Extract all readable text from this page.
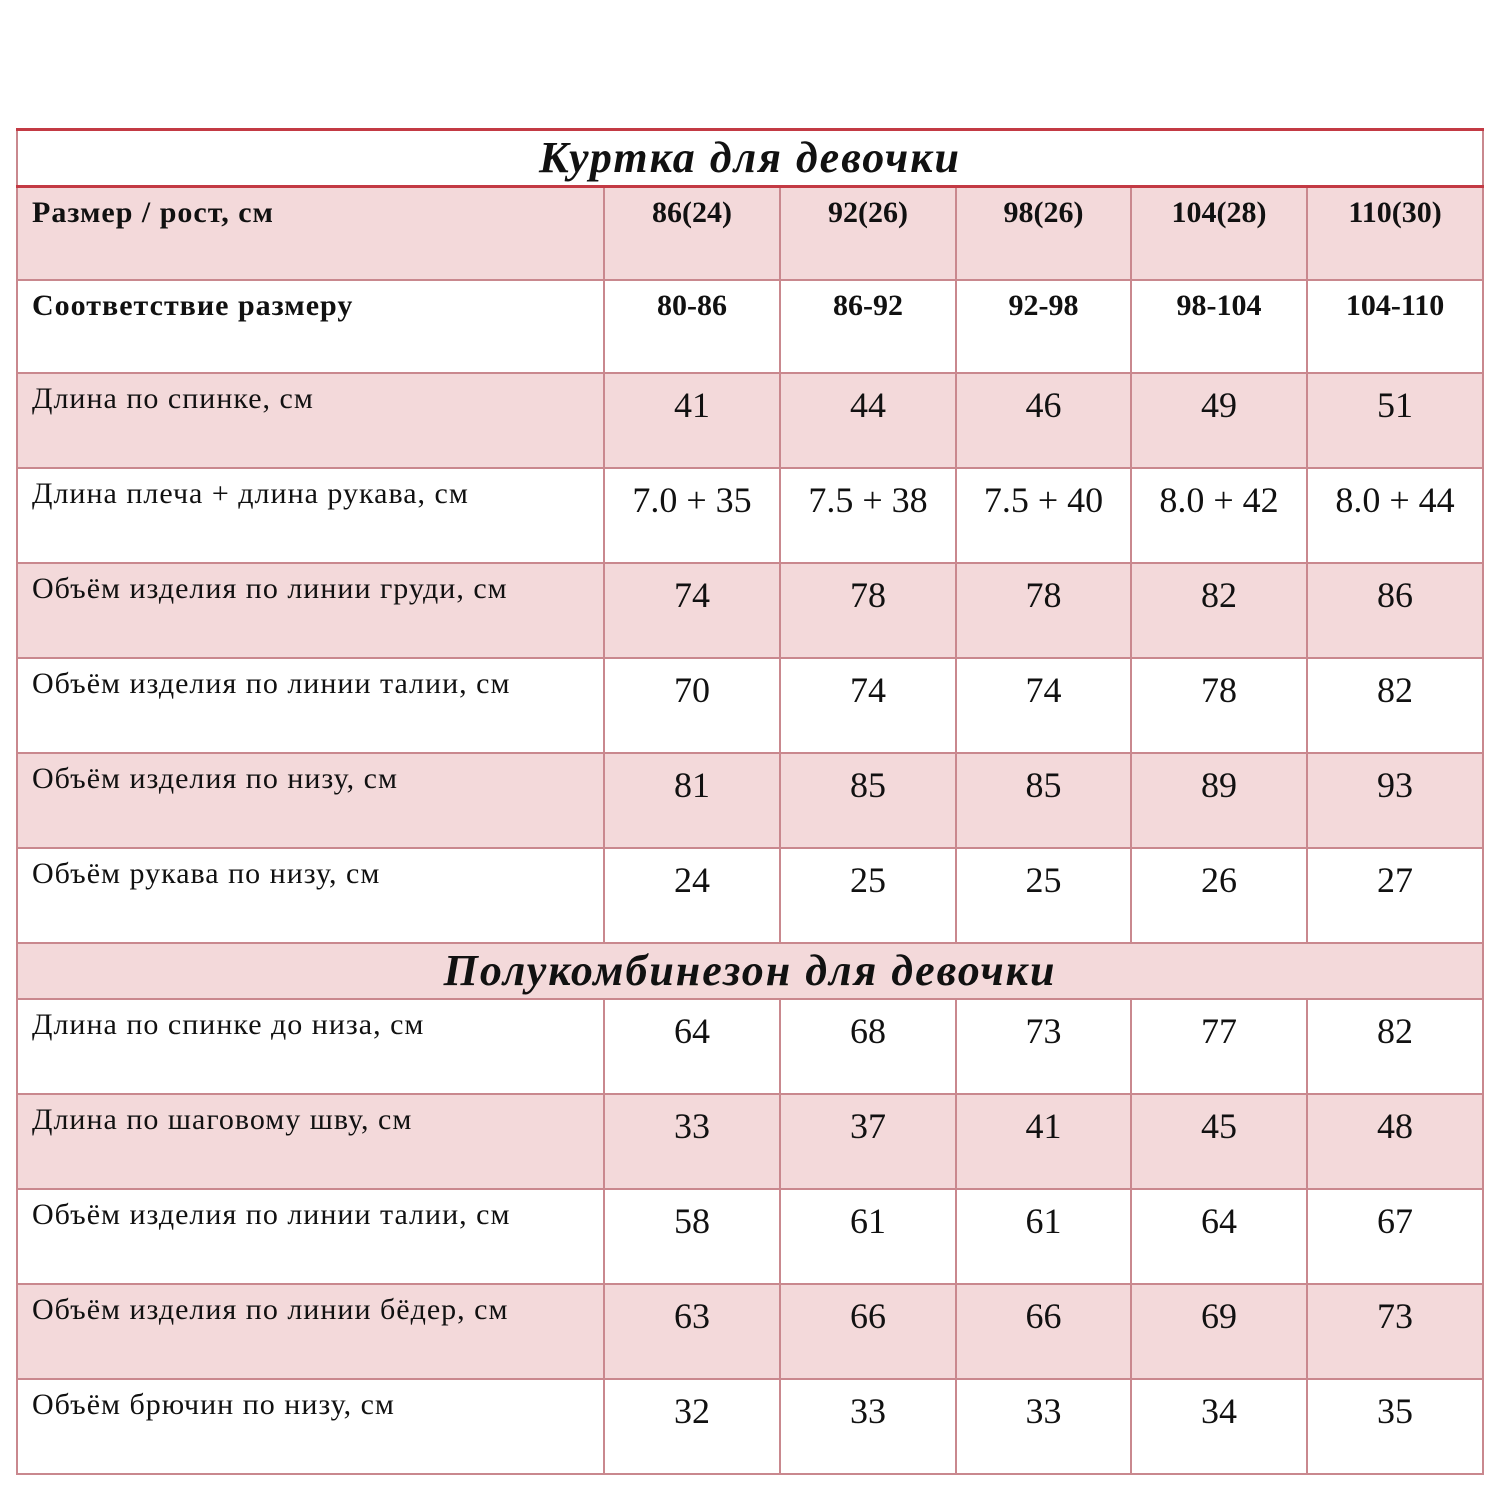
Куртка для девочки					
Размер / рост, см	86(24)	92(26)	98(26)	104(28)	110(30)
Соответствие размеру	80-86	86-92	92-98	98-104	104-110
Длина по спинке, см	41	44	46	49	51
Длина плеча + длина рукава, см	7.0 + 35	7.5 + 38	7.5 + 40	8.0 + 42	8.0 + 44
Объём изделия по линии груди, см	74	78	78	82	86
Объём изделия по линии талии, см	70	74	74	78	82
Объём изделия по низу, см	81	85	85	89	93
Объём рукава по низу, см	24	25	25	26	27
Полукомбинезон для девочки					
Длина по спинке до низа, см	64	68	73	77	82
Длина по шаговому шву, см	33	37	41	45	48
Объём изделия по линии талии, см	58	61	61	64	67
Объём изделия по линии бёдер, см	63	66	66	69	73
Объём брючин по низу, см	32	33	33	34	35
